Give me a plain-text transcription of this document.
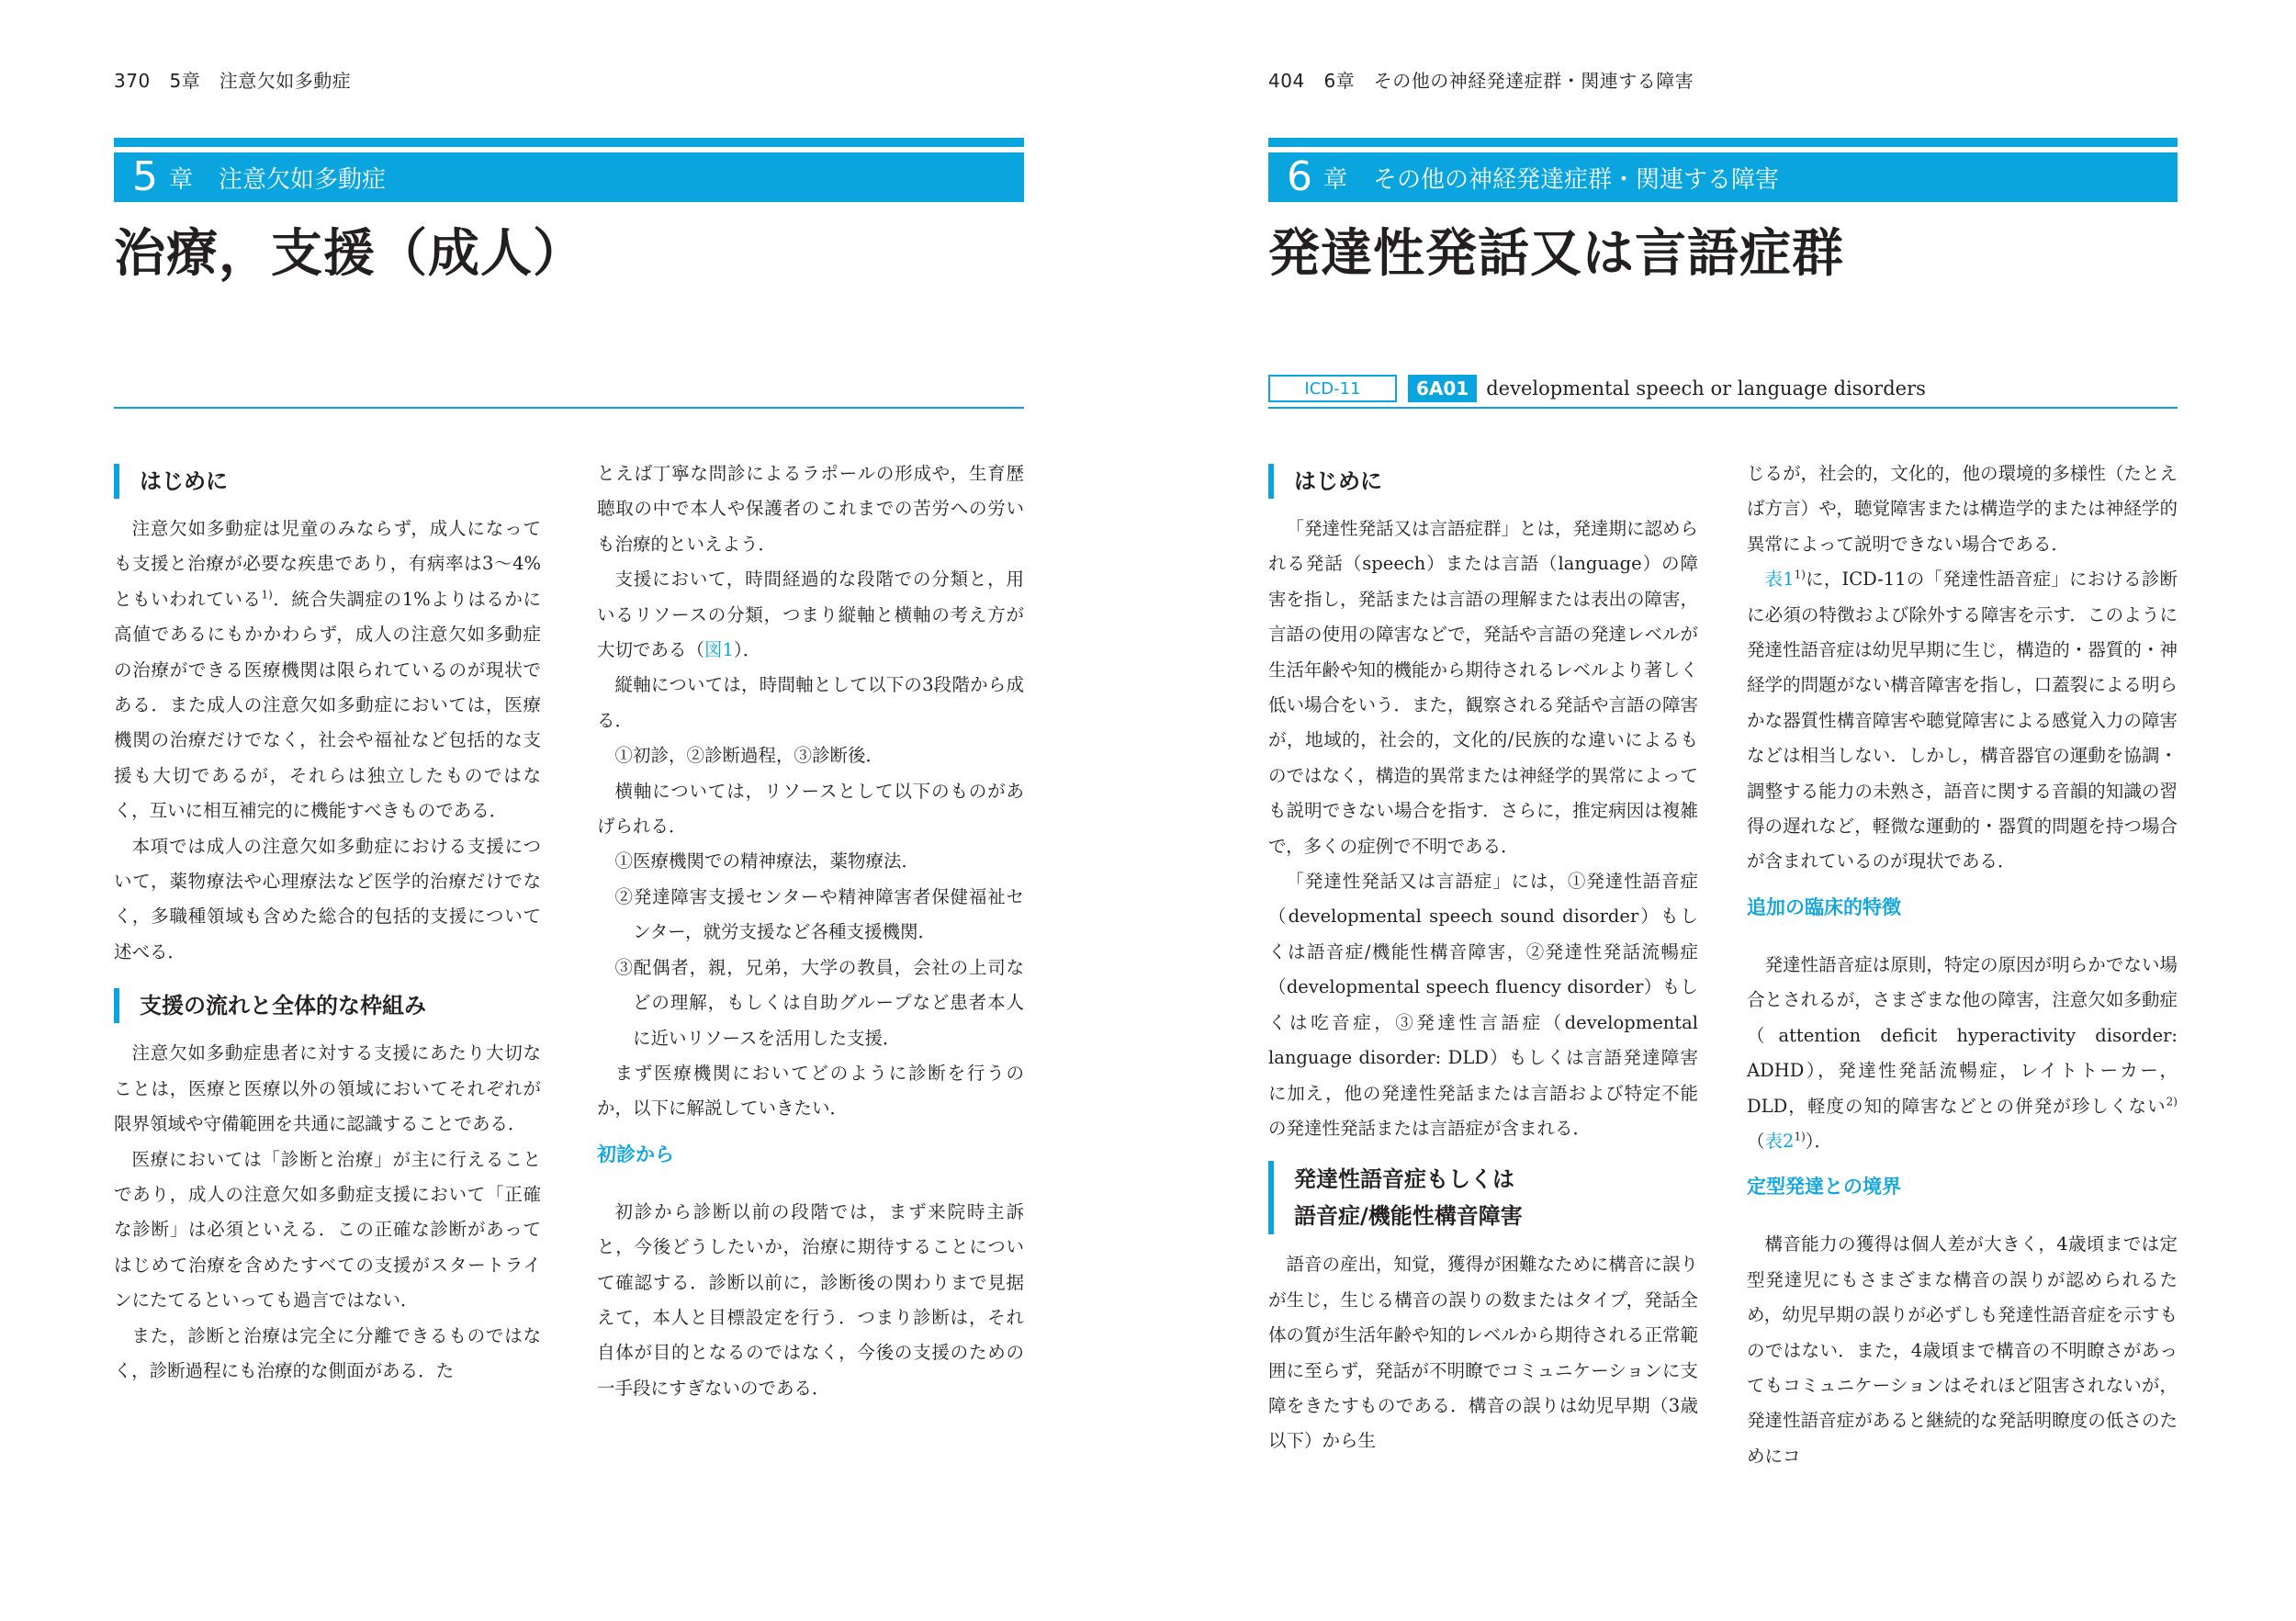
370 5章　注意欠如多動症
5 章 注意欠如多動症
治療，支援（成人）
はじめに

注意欠如多動症は児童のみならず，成人になっても支援と治療が必要な疾患であり，有病率は3～4%ともいわれている$^{1)}$．統合失調症の1%よりはるかに高値であるにもかかわらず，成人の注意欠如多動症の治療ができる医療機関は限られているのが現状である．また成人の注意欠如多動症においては，医療機関の治療だけでなく，社会や福祉など包括的な支援も大切であるが，それらは独立したものではなく，互いに相互補完的に機能すべきものである．

本項では成人の注意欠如多動症における支援について，薬物療法や心理療法など医学的治療だけでなく，多職種領域も含めた総合的包括的支援について述べる．

支援の流れと全体的な枠組み

注意欠如多動症患者に対する支援にあたり大切なことは，医療と医療以外の領域においてそれぞれが限界領域や守備範囲を共通に認識することである．

医療においては「診断と治療」が主に行えることであり，成人の注意欠如多動症支援において「正確な診断」は必須といえる．この正確な診断があってはじめて治療を含めたすべての支援がスタートラインにたてるといっても過言ではない．

また，診断と治療は完全に分離できるものではなく，診断過程にも治療的な側面がある．た

とえば丁寧な問診によるラポールの形成や，生育歴聴取の中で本人や保護者のこれまでの苦労への労いも治療的といえよう．

支援において，時間経過的な段階での分類と，用いるリソースの分類，つまり縦軸と横軸の考え方が大切である（図1）．

縦軸については，時間軸として以下の3段階から成る．

①初診，②診断過程，③診断後．

横軸については，リソースとして以下のものがあげられる．

①医療機関での精神療法，薬物療法．

②発達障害支援センターや精神障害者保健福祉センター，就労支援など各種支援機関．

③配偶者，親，兄弟，大学の教員，会社の上司などの理解，もしくは自助グループなど患者本人に近いリソースを活用した支援．

まず医療機関においてどのように診断を行うのか，以下に解説していきたい．

初診から

初診から診断以前の段階では，まず来院時主訴と，今後どうしたいか，治療に期待することについて確認する．診断以前に，診断後の関わりまで見据えて，本人と目標設定を行う．つまり診断は，それ自体が目的となるのではなく，今後の支援のための一手段にすぎないのである．

404 6章　その他の神経発達症群・関連する障害
6 章 その他の神経発達症群・関連する障害
発達性発話又は言語症群
ICD-11	6A01 developmental speech or language disorders
はじめに

「発達性発話又は言語症群」とは，発達期に認められる発話（speech）または言語（language）の障害を指し，発話または言語の理解または表出の障害，言語の使用の障害などで，発話や言語の発達レベルが生活年齢や知的機能から期待されるレベルより著しく低い場合をいう．また，観察される発話や言語の障害が，地域的，社会的，文化的/民族的な違いによるものではなく，構造的異常または神経学的異常によっても説明できない場合を指す．さらに，推定病因は複雑で，多くの症例で不明である．

「発達性発話又は言語症」には，①発達性語音症（developmental speech sound disorder）もしくは語音症/機能性構音障害，②発達性発話流暢症（developmental speech fluency disorder）もしくは吃音症，③発達性言語症（developmental language disorder: DLD）もしくは言語発達障害に加え，他の発達性発話または言語および特定不能の発達性発話または言語症が含まれる．

発達性語音症もしくは
語音症/機能性構音障害

語音の産出，知覚，獲得が困難なために構音に誤りが生じ，生じる構音の誤りの数またはタイプ，発話全体の質が生活年齢や知的レベルから期待される正常範囲に至らず，発話が不明瞭でコミュニケーションに支障をきたすものである．構音の誤りは幼児早期（3歳以下）から生

じるが，社会的，文化的，他の環境的多様性（たとえば方言）や，聴覚障害または構造学的または神経学的異常によって説明できない場合である．

表1$^{1)}$に，ICD-11の「発達性語音症」における診断に必須の特徴および除外する障害を示す．このように発達性語音症は幼児早期に生じ，構造的・器質的・神経学的問題がない構音障害を指し，口蓋裂による明らかな器質性構音障害や聴覚障害による感覚入力の障害などは相当しない．しかし，構音器官の運動を協調・調整する能力の未熟さ，語音に関する音韻的知識の習得の遅れなど，軽微な運動的・器質的問題を持つ場合が含まれているのが現状である．

追加の臨床的特徴

発達性語音症は原則，特定の原因が明らかでない場合とされるが，さまざまな他の障害，注意欠如多動症（attention deficit hyperactivity disorder: ADHD），発達性発話流暢症，レイトトーカー，DLD，軽度の知的障害などとの併発が珍しくない$^{2)}$（表2$^{1)}$）．

定型発達との境界

構音能力の獲得は個人差が大きく，4歳頃までは定型発達児にもさまざまな構音の誤りが認められるため，幼児早期の誤りが必ずしも発達性語音症を示すものではない．また，4歳頃まで構音の不明瞭さがあってもコミュニケーションはそれほど阻害されないが，発達性語音症があると継続的な発話明瞭度の低さのためにコ
